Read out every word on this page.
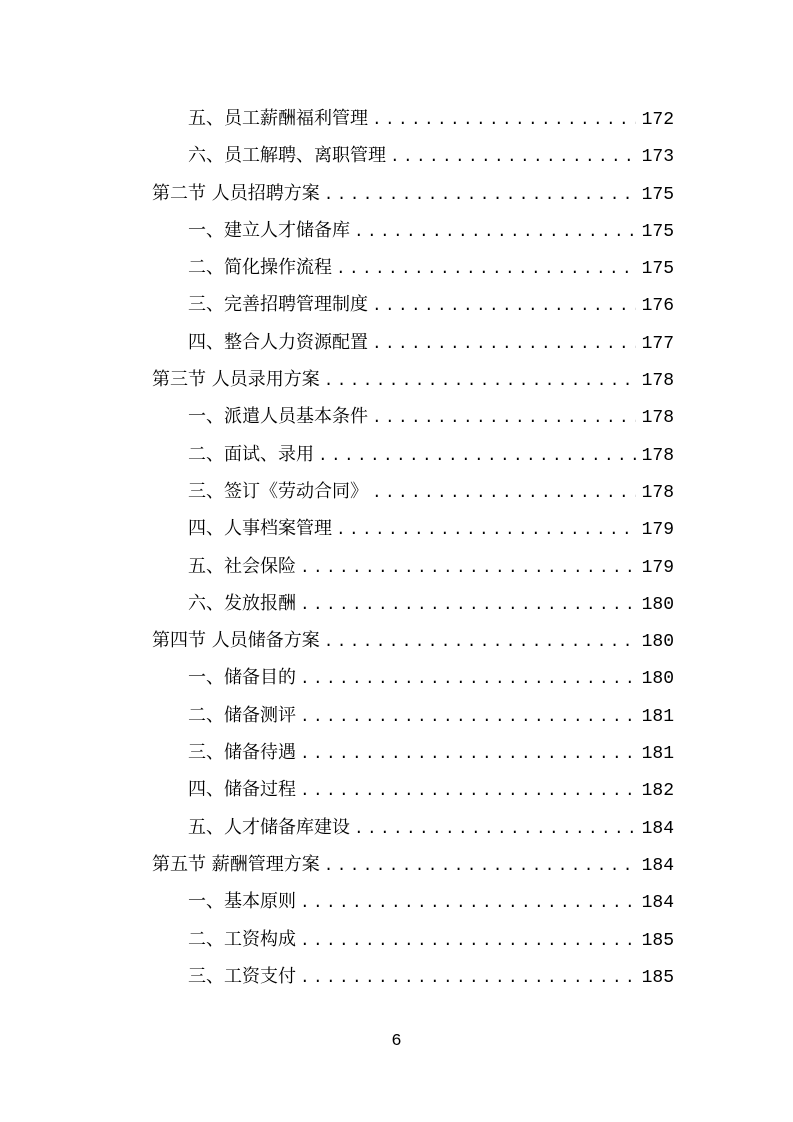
五、员工薪酬福利管理 .....	172
六、员工解聘、离职管理 .....	173
第二节 人员招聘方案 .....	175
一、建立人才储备库 .....	175
二、简化操作流程 .....	175
三、完善招聘管理制度 .....	176
四、整合人力资源配置 .....	177
第三节 人员录用方案 .....	178
一、派遣人员基本条件 .....	178
二、面试、录用 .....	178
三、签订《劳动合同》 .....	178
四、人事档案管理 .....	179
五、社会保险 .....	179
六、发放报酬 .....	180
第四节 人员储备方案 .....	180
一、储备目的 .....	180
二、储备测评 .....	181
三、储备待遇 .....	181
四、储备过程 .....	182
五、人才储备库建设 .....	184
第五节 薪酬管理方案 .....	184
一、基本原则 .....	184
二、工资构成 .....	185
三、工资支付 .....	185
6
